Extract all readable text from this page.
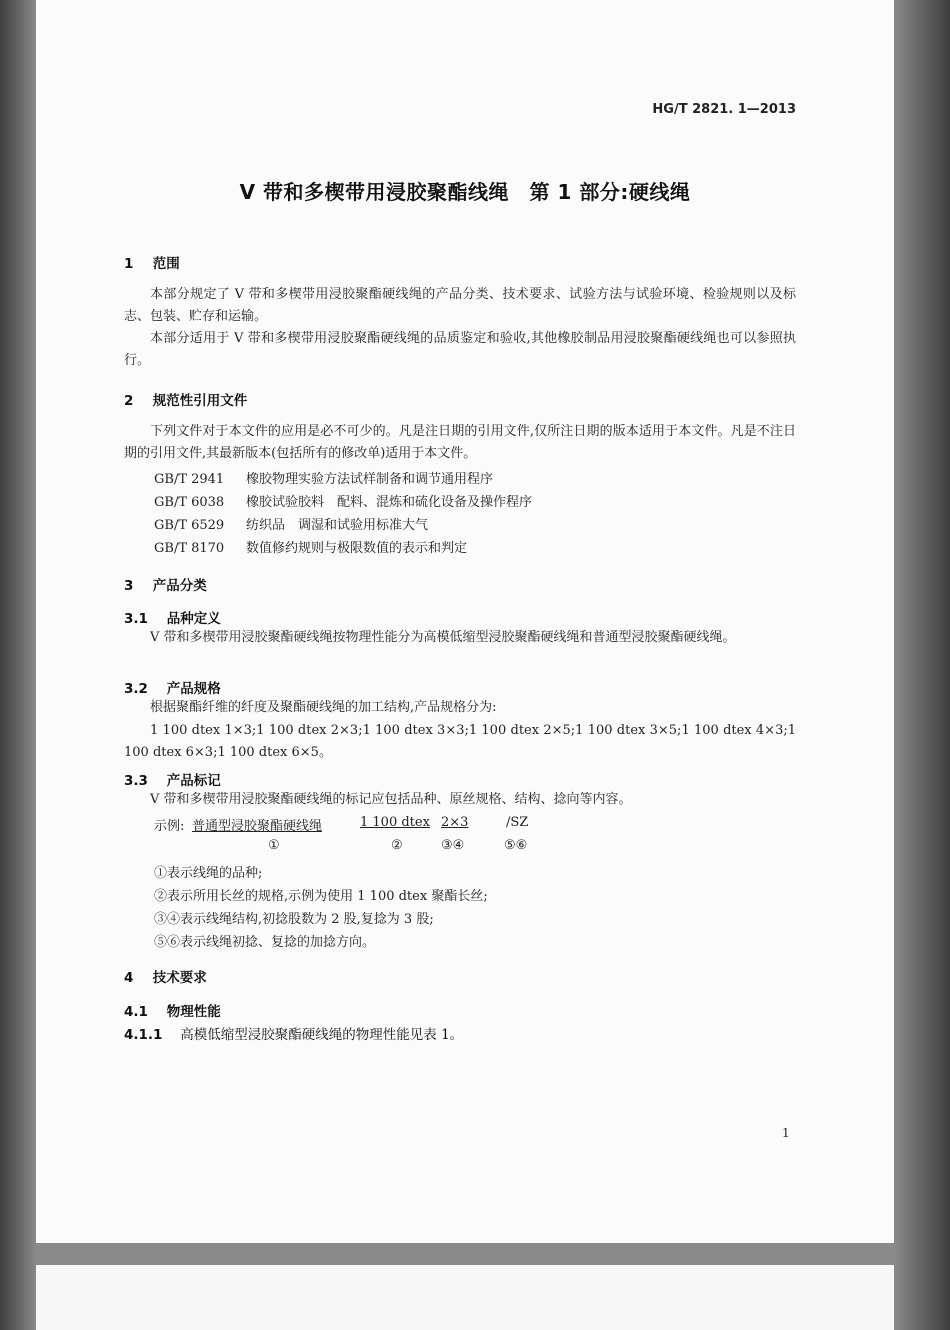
HG/T 2821. 1—2013
V 带和多楔带用浸胶聚酯线绳　第 1 部分:硬线绳
1 范围
本部分规定了 V 带和多楔带用浸胶聚酯硬线绳的产品分类、技术要求、试验方法与试验环境、检验规则以及标志、包装、贮存和运输。
本部分适用于 V 带和多楔带用浸胶聚酯硬线绳的品质鉴定和验收,其他橡胶制品用浸胶聚酯硬线绳也可以参照执行。
2 规范性引用文件
下列文件对于本文件的应用是必不可少的。凡是注日期的引用文件,仅所注日期的版本适用于本文件。凡是不注日期的引用文件,其最新版本(包括所有的修改单)适用于本文件。
GB/T 2941 橡胶物理实验方法试样制备和调节通用程序
GB/T 6038 橡胶试验胶料　配料、混炼和硫化设备及操作程序
GB/T 6529 纺织品　调湿和试验用标准大气
GB/T 8170 数值修约规则与极限数值的表示和判定
3 产品分类
3.1 品种定义
V 带和多楔带用浸胶聚酯硬线绳按物理性能分为高模低缩型浸胶聚酯硬线绳和普通型浸胶聚酯硬线绳。
3.2 产品规格
根据聚酯纤维的纤度及聚酯硬线绳的加工结构,产品规格分为:
1 100 dtex 1×3;1 100 dtex 2×3;1 100 dtex 3×3;1 100 dtex 2×5;1 100 dtex 3×5;1 100 dtex 4×3;1 100 dtex 6×3;1 100 dtex 6×5。
3.3 产品标记
V 带和多楔带用浸胶聚酯硬线绳的标记应包括品种、原丝规格、结构、捻向等内容。
示例: 普通型浸胶聚酯硬线绳	1 100 dtex 2×3	/SZ
①	②	③④	⑤⑥
①表示线绳的品种;
②表示所用长丝的规格,示例为使用 1 100 dtex 聚酯长丝;
③④表示线绳结构,初捻股数为 2 股,复捻为 3 股;
⑤⑥表示线绳初捻、复捻的加捻方向。
4 技术要求
4.1 物理性能
4.1.1 高模低缩型浸胶聚酯硬线绳的物理性能见表 1。
1
